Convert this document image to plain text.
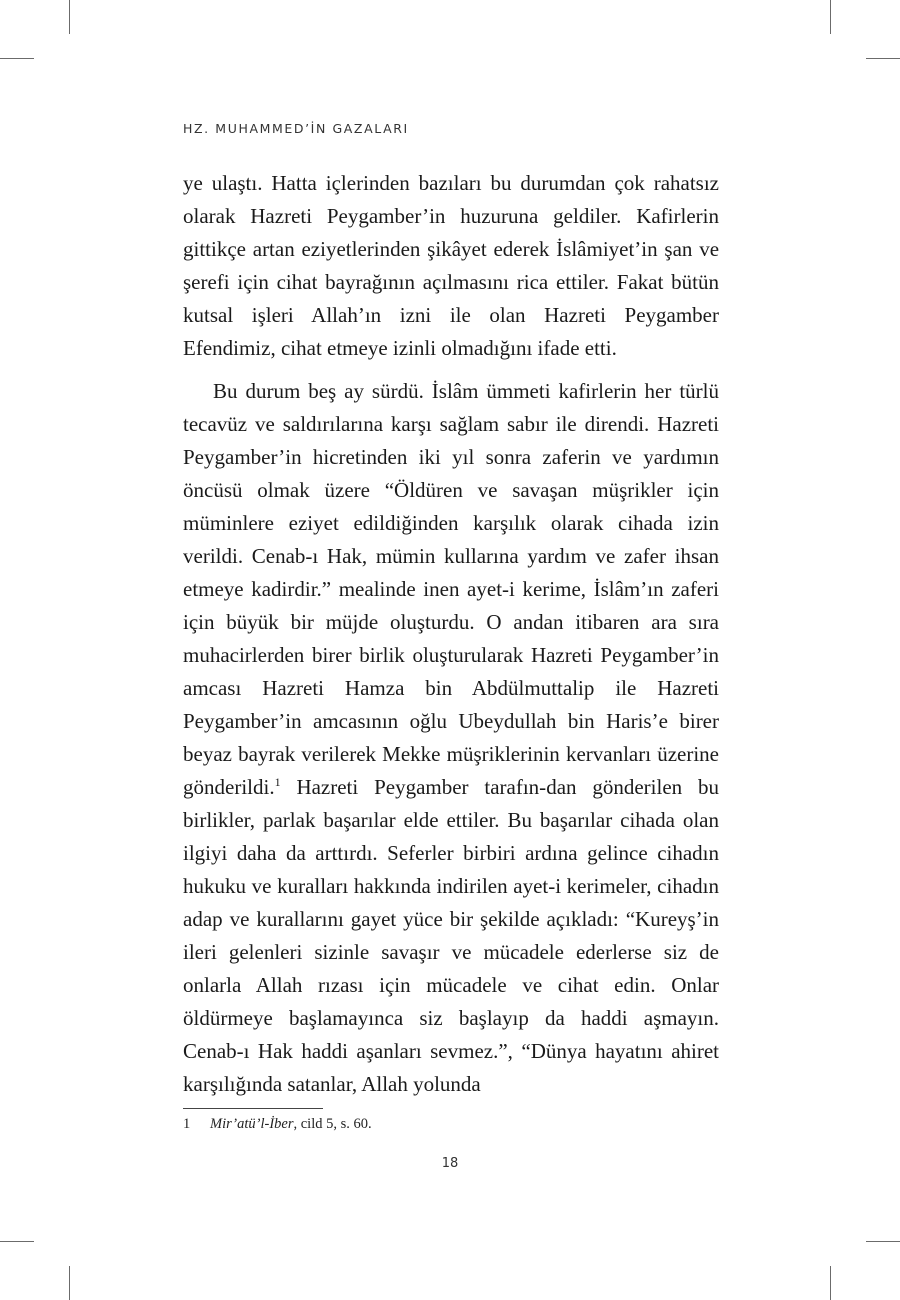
HZ. MUHAMMED’İN GAZALARI

ye ulaştı. Hatta içlerinden bazıları bu durumdan çok rahatsız olarak Hazreti Peygamber’in huzuruna geldiler. Kafirlerin gittikçe artan eziyetlerinden şikâyet ederek İslâmiyet’in şan ve şerefi için cihat bayrağının açılmasını rica ettiler. Fakat bütün kutsal işleri Allah’ın izni ile olan Hazreti Peygamber Efendimiz, cihat etmeye izinli olmadığını ifade etti.

Bu durum beş ay sürdü. İslâm ümmeti kafirlerin her türlü tecavüz ve saldırılarına karşı sağlam sabır ile direndi. Hazreti Peygamber’in hicretinden iki yıl sonra zaferin ve yardımın öncüsü olmak üzere “Öldüren ve savaşan müşrikler için müminlere eziyet edildiğinden karşılık olarak cihada izin verildi. Cenab-ı Hak, mümin kullarına yardım ve zafer ihsan etmeye kadirdir.” mealinde inen ayet-i kerime, İslâm’ın zaferi için büyük bir müjde oluşturdu. O andan itibaren ara sıra muhacirlerden birer birlik oluşturularak Hazreti Peygamber’in amcası Hazreti Hamza bin Abdülmuttalip ile Hazreti Peygamber’in amcasının oğlu Ubeydullah bin Haris’e birer beyaz bayrak verilerek Mekke müşriklerinin kervanları üzerine gönderildi.$^1$ Hazreti Peygamber tarafın-dan gönderilen bu birlikler, parlak başarılar elde ettiler. Bu başarılar cihada olan ilgiyi daha da arttırdı. Seferler birbiri ardına gelince cihadın hukuku ve kuralları hakkında indirilen ayet-i kerimeler, cihadın adap ve kurallarını gayet yüce bir şekilde açıkladı: “Kureyş’in ileri gelenleri sizinle savaşır ve mücadele ederlerse siz de onlarla Allah rızası için mücadele ve cihat edin. Onlar öldürmeye başlamayınca siz başlayıp da haddi aşmayın. Cenab-ı Hak haddi aşanları sevmez.”, “Dünya hayatını ahiret karşılığında satanlar, Allah yolunda

1 Mir’atü’l-İber, cild 5, s. 60.
18
